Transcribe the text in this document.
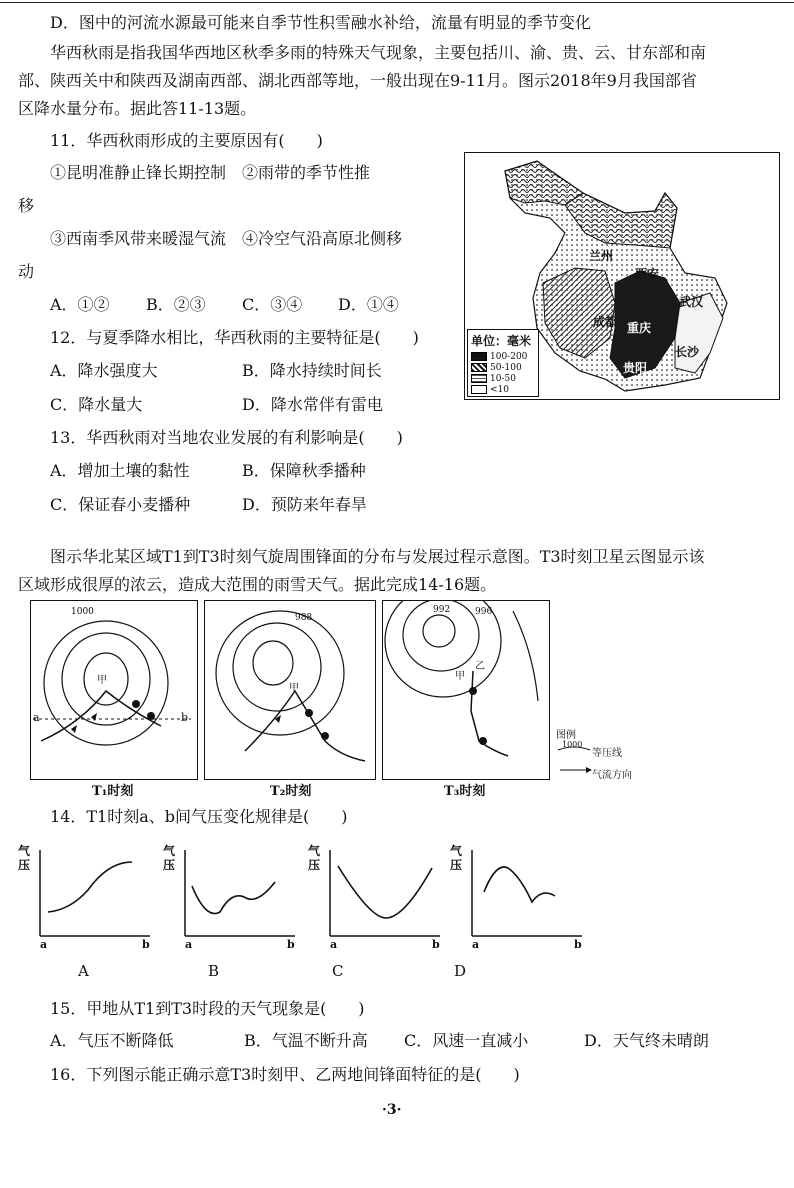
D．图中的河流水源最可能来自季节性积雪融水补给，流量有明显的季节变化
华西秋雨是指我国华西地区秋季多雨的特殊天气现象，主要包括川、渝、贵、云、甘东部和南
部、陕西关中和陕西及湖南西部、湖北西部等地，一般出现在9-11月。图示2018年9月我国部省
区降水量分布。据此答11-13题。
11．华西秋雨形成的主要原因有(　　)
①昆明准静止锋长期控制　②雨带的季节性推
移
③西南季风带来暖湿气流　④冷空气沿高原北侧移
动
A．①② B．②③ C．③④ D．①④
12．与夏季降水相比，华西秋雨的主要特征是(　　)
A．降水强度大	B．降水持续时间长
C．降水量大	D．降水常伴有雷电
13．华西秋雨对当地农业发展的有利影响是(　　)
A．增加土壤的黏性	B．保障秋季播种
C．保证春小麦播种	D．预防来年春旱
兰州
西安
武汉
成都 重庆
长沙
贵阳
单位：毫米
100-200
50-100
10-50
<10
图示华北某区域T1到T3时刻气旋周围锋面的分布与发展过程示意图。T3时刻卫星云图显示该
区域形成很厚的浓云，造成大范围的雨雪天气。据此完成14-16题。
1000
甲
a	b
988
甲
992	996
甲
乙
T₁时刻	T₂时刻	T₃时刻
图例
1000
等压线
气流方向
14．T1时刻a、b间气压变化规律是(　　)
气压
气压
气压
气压
a	b	a	b	a	b	a	b
A	B	C	D
15．甲地从T1到T3时段的天气现象是(　　)
A．气压不断降低	B．气温不断升高 C．风速一直减小	D．天气终未晴朗
16．下列图示能正确示意T3时刻甲、乙两地间锋面特征的是(　　)
·3·
